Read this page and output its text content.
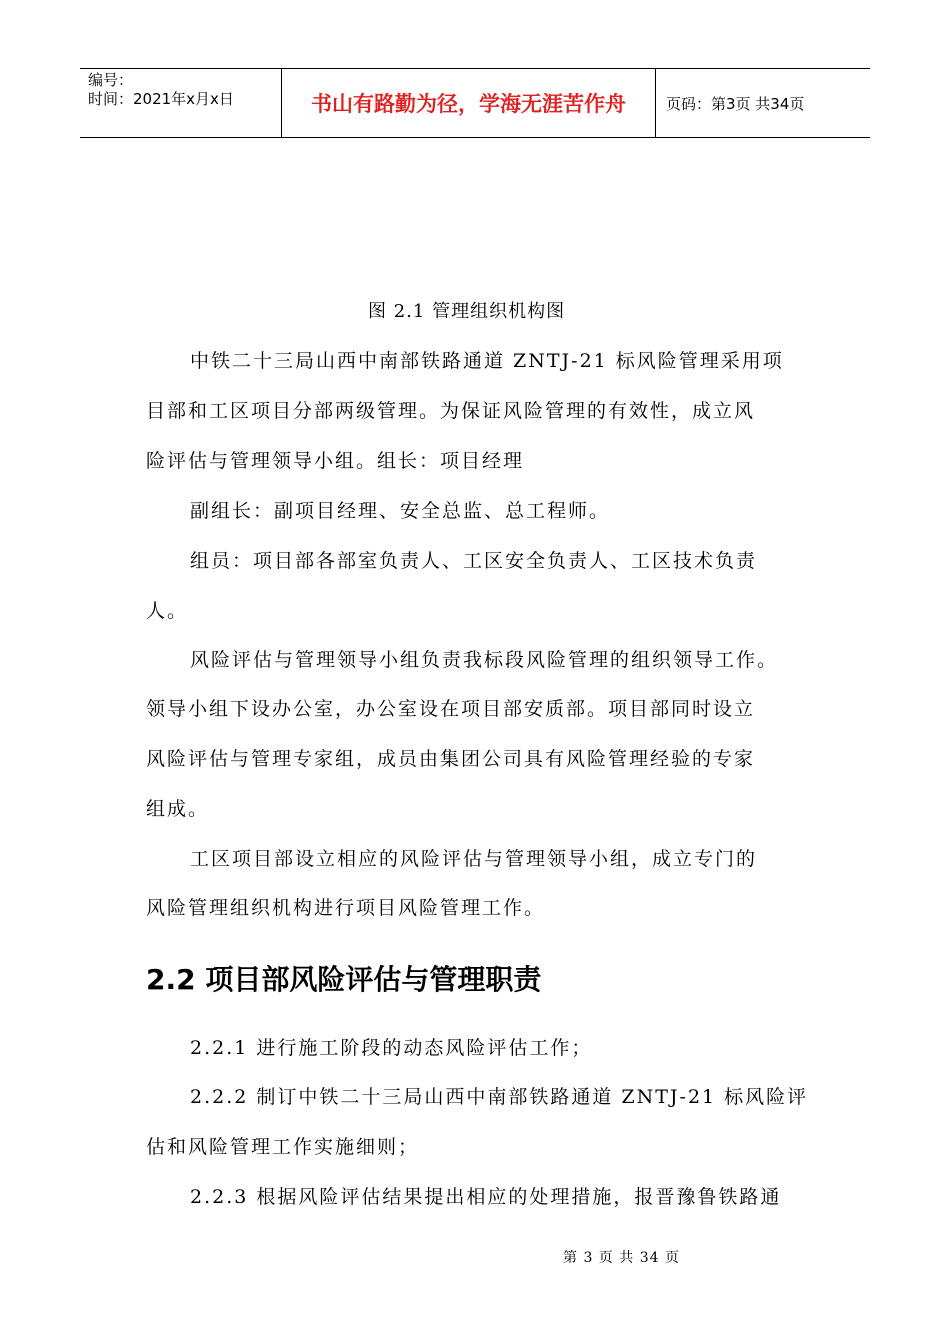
编号：
时间：2021年x月x日	书山有路勤为径，学海无涯苦作舟	页码：第3页 共34页
图 2.1 管理组织机构图
中铁二十三局山西中南部铁路通道 ZNTJ-21 标风险管理采用项
目部和工区项目分部两级管理。为保证风险管理的有效性，成立风
险评估与管理领导小组。组长：项目经理
副组长：副项目经理、安全总监、总工程师。
组员：项目部各部室负责人、工区安全负责人、工区技术负责
人。
风险评估与管理领导小组负责我标段风险管理的组织领导工作。
领导小组下设办公室，办公室设在项目部安质部。项目部同时设立
风险评估与管理专家组，成员由集团公司具有风险管理经验的专家
组成。
工区项目部设立相应的风险评估与管理领导小组，成立专门的
风险管理组织机构进行项目风险管理工作。
2.2 项目部风险评估与管理职责
2.2.1 进行施工阶段的动态风险评估工作；
2.2.2 制订中铁二十三局山西中南部铁路通道 ZNTJ-21 标风险评
估和风险管理工作实施细则；
2.2.3 根据风险评估结果提出相应的处理措施，报晋豫鲁铁路通
第 3 页 共 34 页
